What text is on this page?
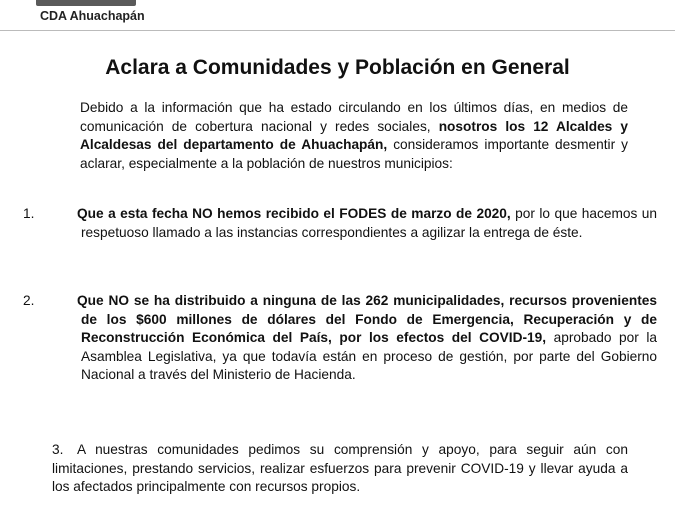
CDA Ahuachapán
Aclara a Comunidades y Población en General
Debido a la información que ha estado circulando en los últimos días, en medios de comunicación de cobertura nacional y redes sociales, nosotros los 12 Alcaldes y Alcaldesas del departamento de Ahuachapán, consideramos importante desmentir y aclarar, especialmente a la población de nuestros municipios:
1.	Que a esta fecha NO hemos recibido el FODES de marzo de 2020, por lo que hacemos un respetuoso llamado a las instancias correspondientes a agilizar la entrega de éste.
2.	Que NO se ha distribuido a ninguna de las 262 municipalidades, recursos provenientes de los $600 millones de dólares del Fondo de Emergencia, Recuperación y de Reconstrucción Económica del País, por los efectos del COVID-19, aprobado por la Asamblea Legislativa, ya que todavía están en proceso de gestión, por parte del Gobierno Nacional a través del Ministerio de Hacienda.
3. A nuestras comunidades pedimos su comprensión y apoyo, para seguir aún con limitaciones, prestando servicios, realizar esfuerzos para prevenir COVID-19 y llevar ayuda a los afectados principalmente con recursos propios.
